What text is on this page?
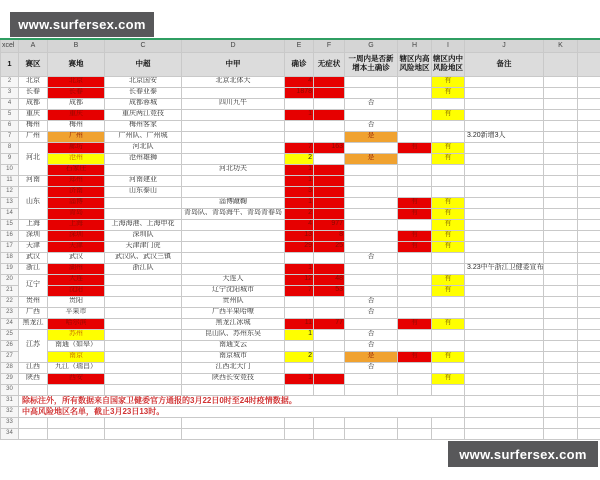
www.surfersex.com
xcel	A	B	C	D	E	F	G	H	I	J	K	
1	赛区	赛地	中超	中甲	确诊	无症状	一周内是否新增本土确诊	辖区内高风险地区	辖区内中风险地区	备注		
2	北京	北京	北京国安	北京北体大	4				有			
3	长春	长春	长春亚泰		1878				有			
4	成都	成都	成都蓉城	四川九牛			否					
5	重庆	重庆	重庆两江竞技		1				有			
6	梅州	梅州	梅州客家				否					
7	广州	广州	广州队、广州城				是			3.20新增3人		
8	河北	廊坊	河北队		7	163		有	有			
9		沧州	沧州雄狮		2		是		有			
10		石家庄		河北功夫	1							
11	河南	郑州	河南建业		1							
12	山东	济南	山东泰山		3							
13		淄博		淄博蹴鞠	1			有	有			
14		青岛		青岛队、青岛海牛、青岛青春岛	2			有	有			
15	上海	上海	上海海港、上海申花		4	977			有			
16	深圳	深圳	深圳队		13	8		有	有			
17	天津	天津	天津津门虎		29	25		有	有			
18	武汉	武汉	武汉队、武汉三镇				否					
19	浙江	湖州	浙江队		1					3.23中午浙江卫健委宣布		
20	辽宁	大连		大连人	12	48			有			
21		沈阳		辽宁沈阳城市	7	53			有			
22	贵州	贵阳		贵州队			否					
23	广西	平果市		广西平果哈嘹			否					
24	黑龙江	哈尔滨		黑龙江冰城	11	77		有	有			
25	江苏	苏州		昆山队、苏州东吴	1		否					
26		南通（如皋）		南通支云			否					
27		南京		南京城市	2		是	有	有			
28	江西	九江（瑞昌）		江西北大门			否					
29	陕西	西安		陕西长安竞技	1				有			
30												
31	除标注外，所有数据来自国家卫健委官方通报的3月22日0时至24时疫情数据。											
32	中高风险地区名单，截止3月23日13时。											
33												
34												
www.surfersex.com
